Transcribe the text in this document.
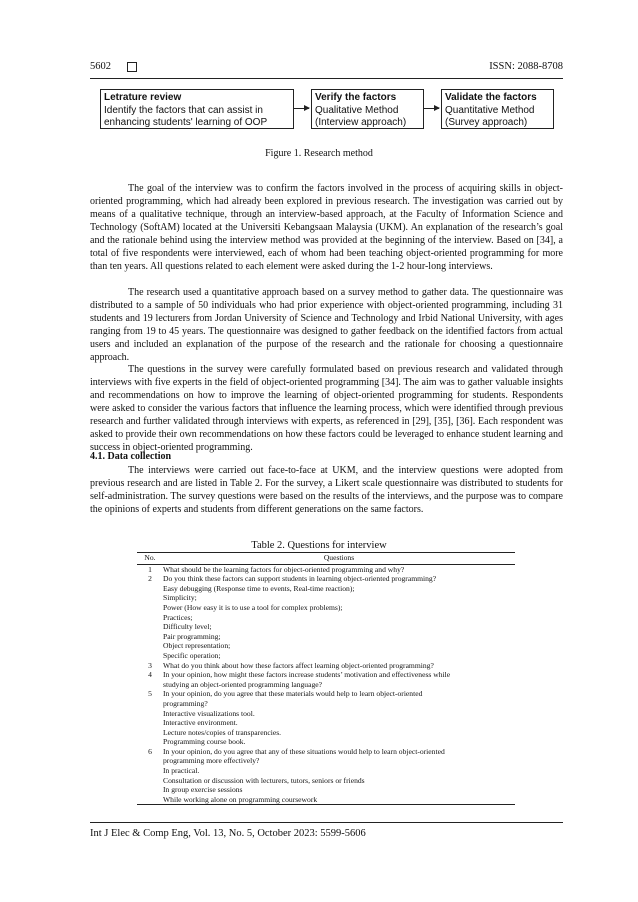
5602	ISSN: 2088-8708
Letrature review
Identify the factors that can assist in
enhancing students' learning of OOP
Verify the factors
Qualitative Method
(Interview approach)
Validate the factors
Quantitative Method
(Survey approach)
Figure 1. Research method
The goal of the interview was to confirm the factors involved in the process of acquiring skills in object-oriented programming, which had already been explored in previous research. The investigation was carried out by means of a qualitative technique, through an interview-based approach, at the Faculty of Information Science and Technology (SoftAM) located at the Universiti Kebangsaan Malaysia (UKM). An explanation of the research’s goal and the rationale behind using the interview method was provided at the beginning of the interview. Based on [34], a total of five respondents were interviewed, each of whom had been teaching object-oriented programming for more than ten years. All questions related to each element were asked during the 1-2 hour-long interviews.
The research used a quantitative approach based on a survey method to gather data. The questionnaire was distributed to a sample of 50 individuals who had prior experience with object-oriented programming, including 31 students and 19 lecturers from Jordan University of Science and Technology and Irbid National University, with ages ranging from 19 to 45 years. The questionnaire was designed to gather feedback on the identified factors from actual users and included an explanation of the purpose of the research and the rationale for choosing a questionnaire approach.
The questions in the survey were carefully formulated based on previous research and validated through interviews with five experts in the field of object-oriented programming [34]. The aim was to gather valuable insights and recommendations on how to improve the learning of object-oriented programming for students. Respondents were asked to consider the various factors that influence the learning process, which were identified through previous research and further validated through interviews with experts, as referenced in [29], [35], [36]. Each respondent was asked to provide their own recommendations on how these factors could be leveraged to enhance student learning and success in object-oriented programming.
4.1. Data collection
The interviews were carried out face-to-face at UKM, and the interview questions were adopted from previous research and are listed in Table 2. For the survey, a Likert scale questionnaire was distributed to students for self-administration. The survey questions were based on the results of the interviews, and the purpose was to compare the opinions of experts and students from different generations on the same factors.
Table 2. Questions for interview
No.	Questions
1	What should be the learning factors for object-oriented programming and why?
2	Do you think these factors can support students in learning object-oriented programming?
	Easy debugging (Response time to events, Real-time reaction);
	Simplicity;
	Power (How easy it is to use a tool for complex problems);
	Practices;
	Difficulty level;
	Pair programming;
	Object representation;
	Specific operation;
3	What do you think about how these factors affect learning object-oriented programming?
4	In your opinion, how might these factors increase students’ motivation and effectiveness while
	studying an object-oriented programming language?
5	In your opinion, do you agree that these materials would help to learn object-oriented
	programming?
	Interactive visualizations tool.
	Interactive environment.
	Lecture notes/copies of transparencies.
	Programming course book.
6	In your opinion, do you agree that any of these situations would help to learn object-oriented
	programming more effectively?
	In practical.
	Consultation or discussion with lecturers, tutors, seniors or friends
	In group exercise sessions
	While working alone on programming coursework
Int J Elec & Comp Eng, Vol. 13, No. 5, October 2023: 5599-5606
